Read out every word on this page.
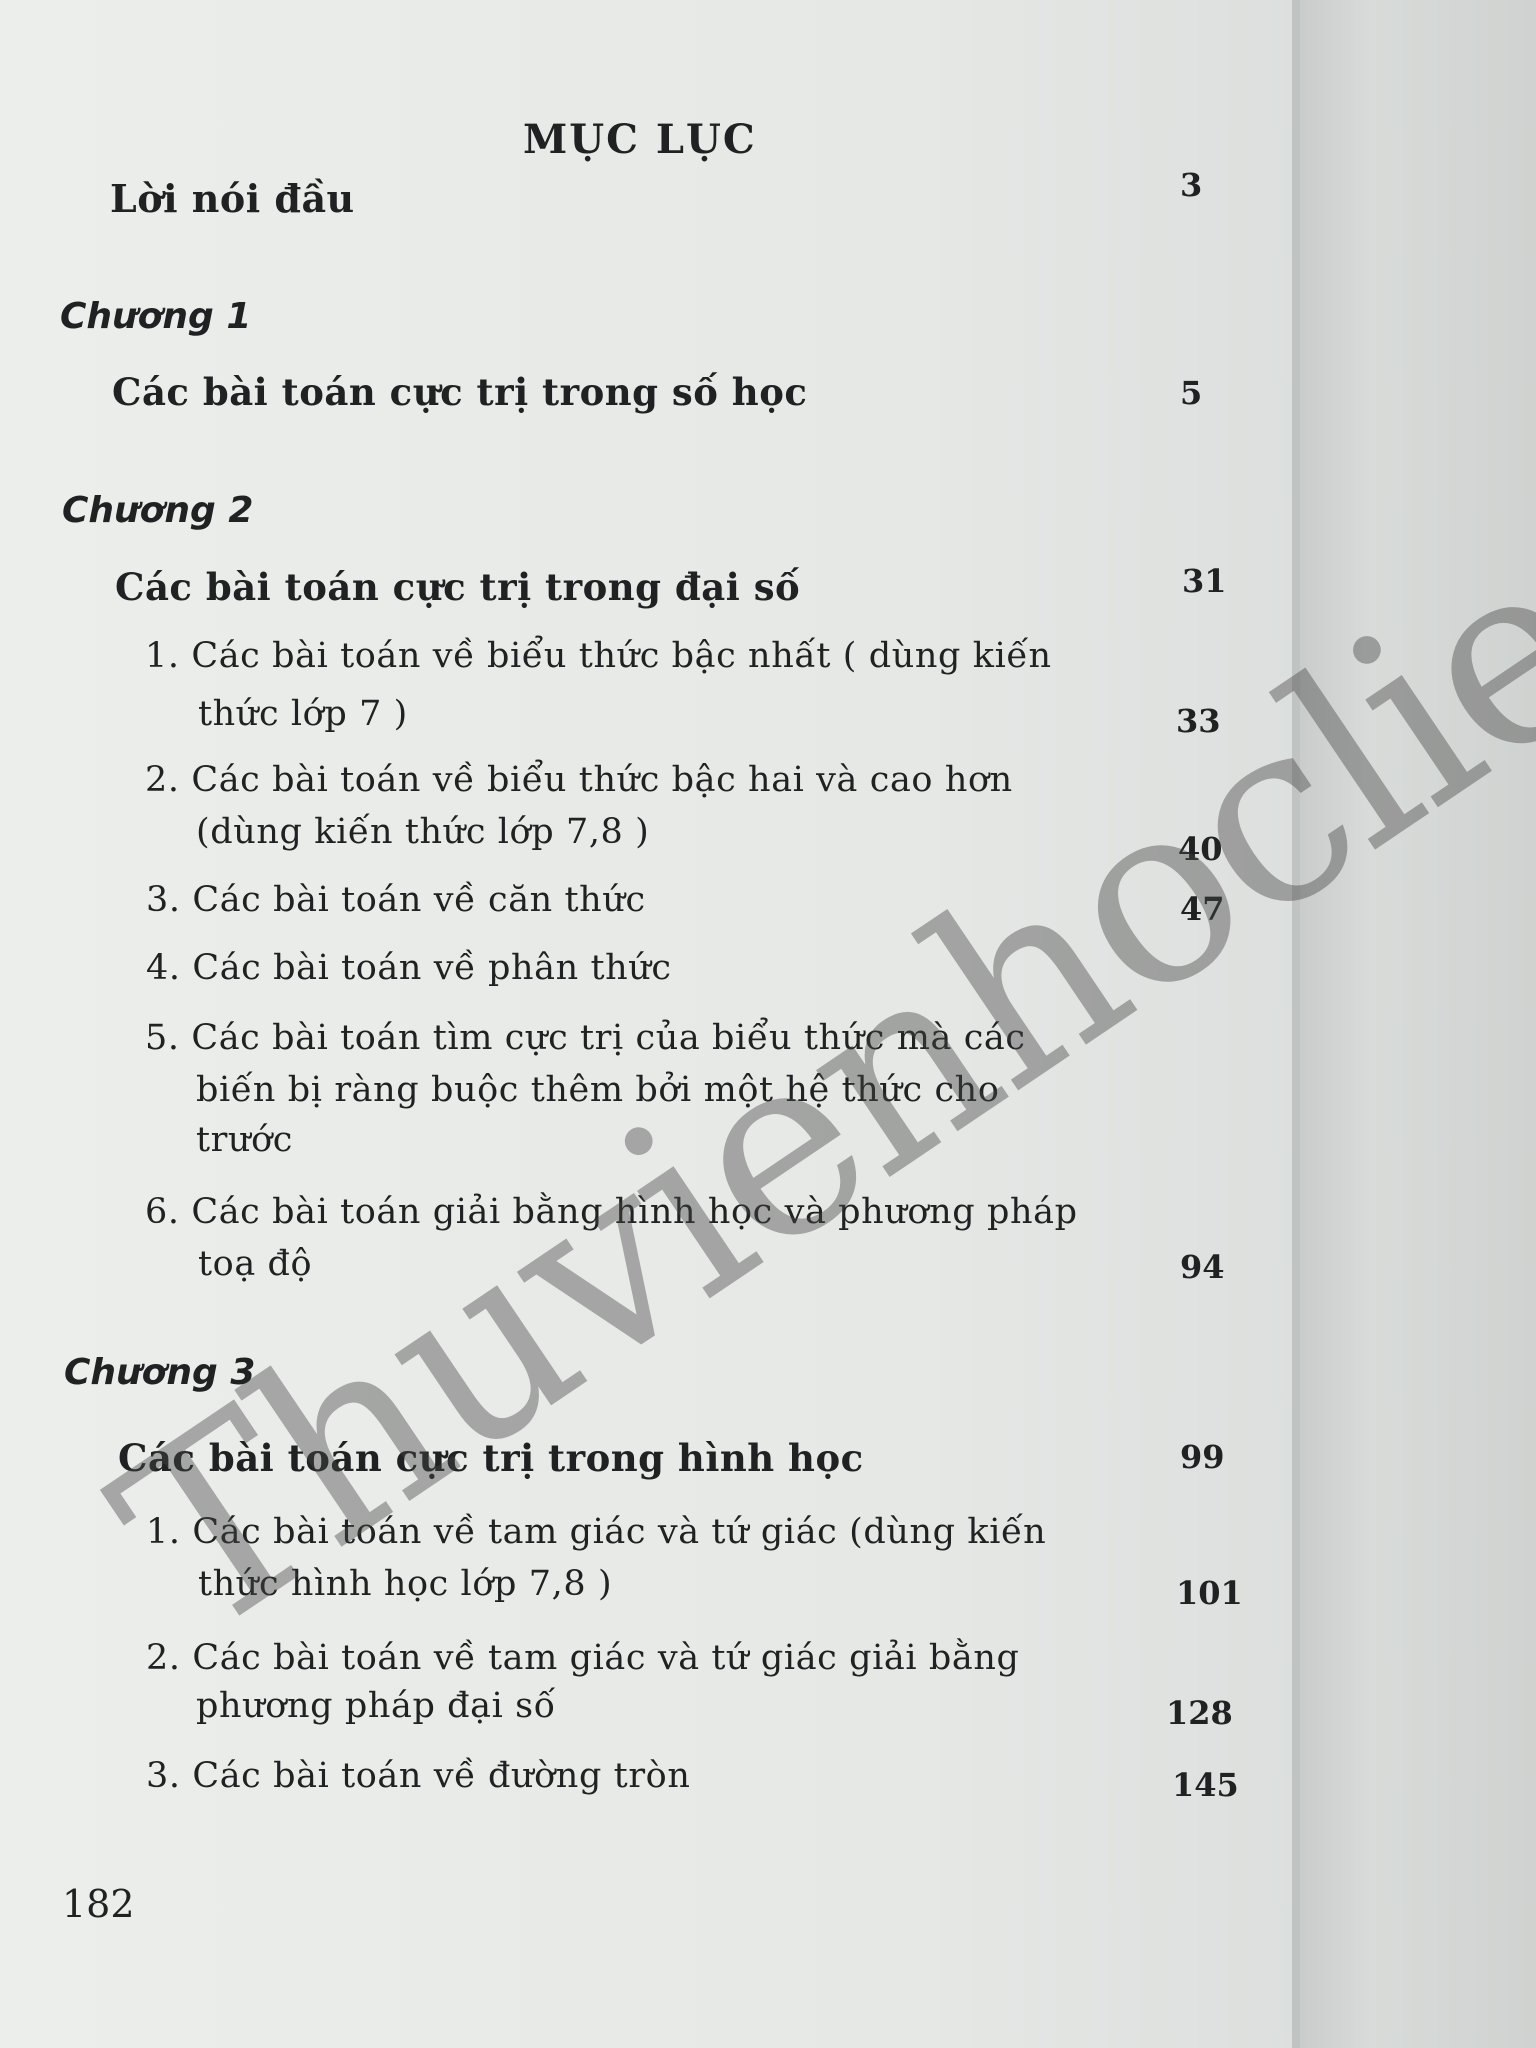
MỤC LỤC
Lời nói đầu	3
Chương 1
Các bài toán cực trị trong số học	5
Chương 2
Các bài toán cực trị trong đại số	31
1. Các bài toán về biểu thức bậc nhất ( dùng kiến
thức lớp 7 )	33
2. Các bài toán về biểu thức bậc hai và cao hơn
(dùng kiến thức lớp 7,8 )	40
3. Các bài toán về căn thức	47
4. Các bài toán về phân thức
5. Các bài toán tìm cực trị của biểu thức mà các
biến bị ràng buộc thêm bởi một hệ thức cho
trước
6. Các bài toán giải bằng hình học và phương pháp
toạ độ	94
Chương 3
Các bài toán cực trị trong hình học	99
1. Các bài toán về tam giác và tứ giác (dùng kiến
thức hình học lớp 7,8 )	101
2. Các bài toán về tam giác và tứ giác giải bằng
phương pháp đại số	128
3. Các bài toán về đường tròn	145
182
